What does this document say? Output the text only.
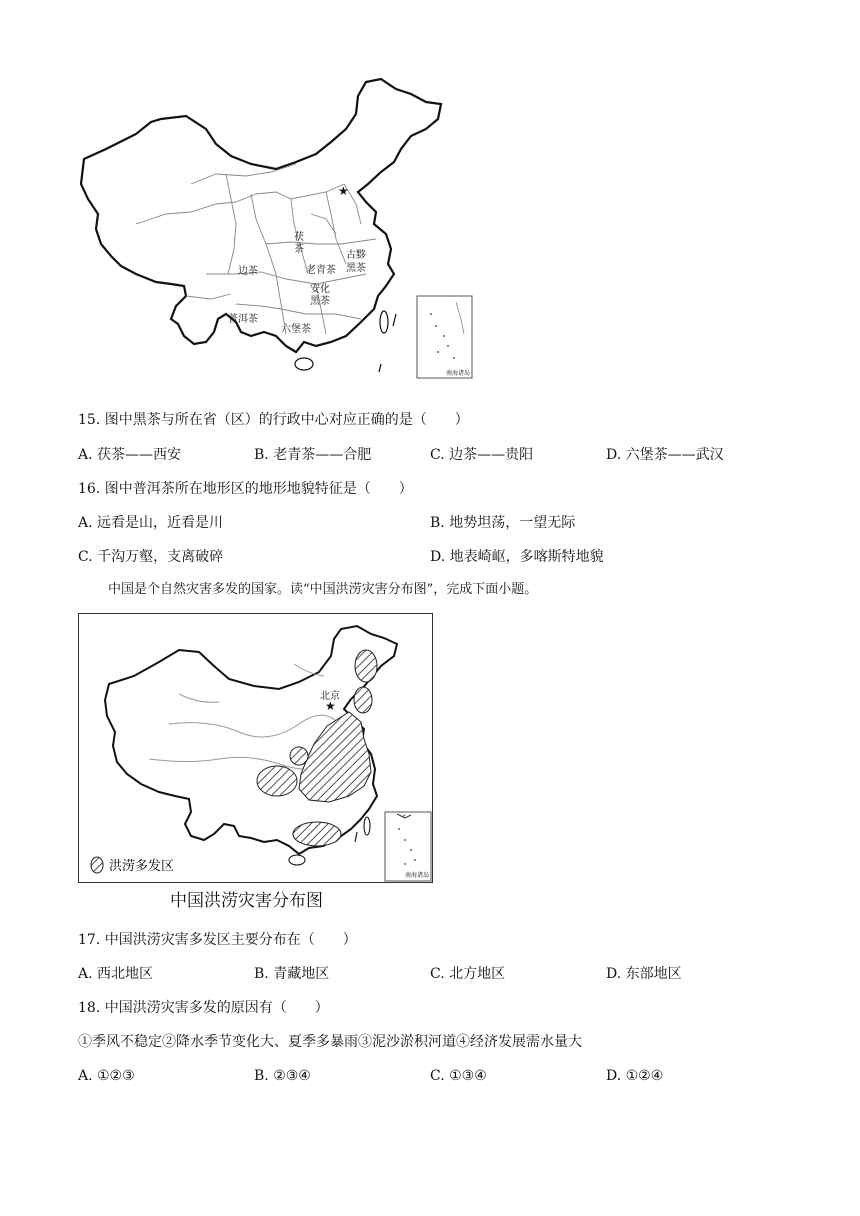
★
茯
茶
边茶	老青茶
古黟
黑茶
安化
黑茶
普洱茶
六堡茶
南海诸岛
15. 图中黑茶与所在省（区）的行政中心对应正确的是（　　）
A. 茯茶——西安	B. 老青茶——合肥	C. 边茶——贵阳	D. 六堡茶——武汉
16. 图中普洱茶所在地形区的地形地貌特征是（　　）
A. 远看是山，近看是川	B. 地势坦荡，一望无际
C. 千沟万壑，支离破碎	D. 地表崎岖，多喀斯特地貌
中国是个自然灾害多发的国家。读“中国洪涝灾害分布图”，完成下面小题。
★
北京
南海诸岛
洪涝多发区
中国洪涝灾害分布图
17. 中国洪涝灾害多发区主要分布在（　　）
A. 西北地区	B. 青藏地区	C. 北方地区	D. 东部地区
18. 中国洪涝灾害多发的原因有（　　）
①季风不稳定②降水季节变化大、夏季多暴雨③泥沙淤积河道④经济发展需水量大
A. ①②③	B. ②③④	C. ①③④	D. ①②④
